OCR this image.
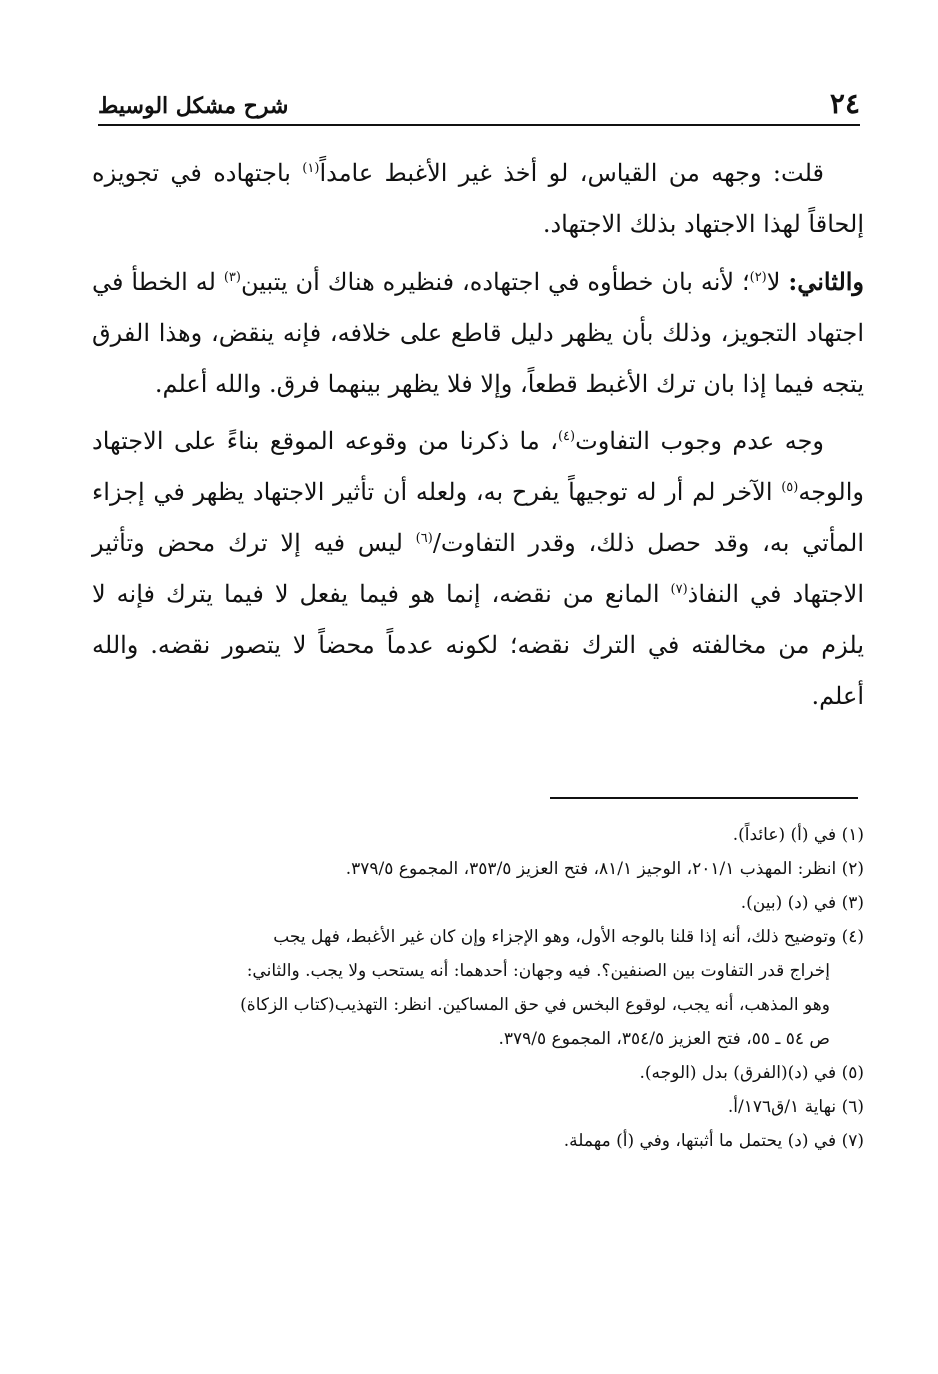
٢٤
شرح مشكل الوسيط

قلت: وجهه من القياس، لو أخذ غير الأغبط عامداً$^{(١)}$ باجتهاده في تجويزه إلحاقاً لهذا الاجتهاد بذلك الاجتهاد.

والثاني: لا$^{(٢)}$؛ لأنه بان خطأوه في اجتهاده، فنظيره هناك أن يتبين$^{(٣)}$ له الخطأ في اجتهاد التجويز، وذلك بأن يظهر دليل قاطع على خلافه، فإنه ينقض، وهذا الفرق يتجه فيما إذا بان ترك الأغبط قطعاً، وإلا فلا يظهر بينهما فرق. والله أعلم.

وجه عدم وجوب التفاوت$^{(٤)}$، ما ذكرنا من وقوعه الموقع بناءً على الاجتهاد والوجه$^{(٥)}$ الآخر لم أر له توجيهاً يفرح به، ولعله أن تأثير الاجتهاد يظهر في إجزاء المأتي به، وقد حصل ذلك، وقدر التفاوت/$^{(٦)}$ ليس فيه إلا ترك محض وتأثير الاجتهاد في النفاذ$^{(٧)}$ المانع من نقضه، إنما هو فيما يفعل لا فيما يترك فإنه لا يلزم من مخالفته في الترك نقضه؛ لكونه عدماً محضاً لا يتصور نقضه. والله أعلم.

(١) في (أ) (عائداً).

(٢) انظر: المهذب ٢٠١/١، الوجيز ٨١/١، فتح العزيز ٣٥٣/٥، المجموع ٣٧٩/٥.

(٣) في (د) (بين).

(٤) وتوضيح ذلك، أنه إذا قلنا بالوجه الأول، وهو الإجزاء وإن كان غير الأغبط، فهل يجب

إخراج قدر التفاوت بين الصنفين؟. فيه وجهان: أحدهما: أنه يستحب ولا يجب. والثاني:

وهو المذهب، أنه يجب، لوقوع البخس في حق المساكين. انظر: التهذيب(كتاب الزكاة)

ص ٥٤ ـ ٥٥، فتح العزيز ٣٥٤/٥، المجموع ٣٧٩/٥.

(٥) في (د)(الفرق) بدل (الوجه).

(٦) نهاية ١/ق١٧٦/أ.

(٧) في (د) يحتمل ما أثبتها، وفي (أ) مهملة.
